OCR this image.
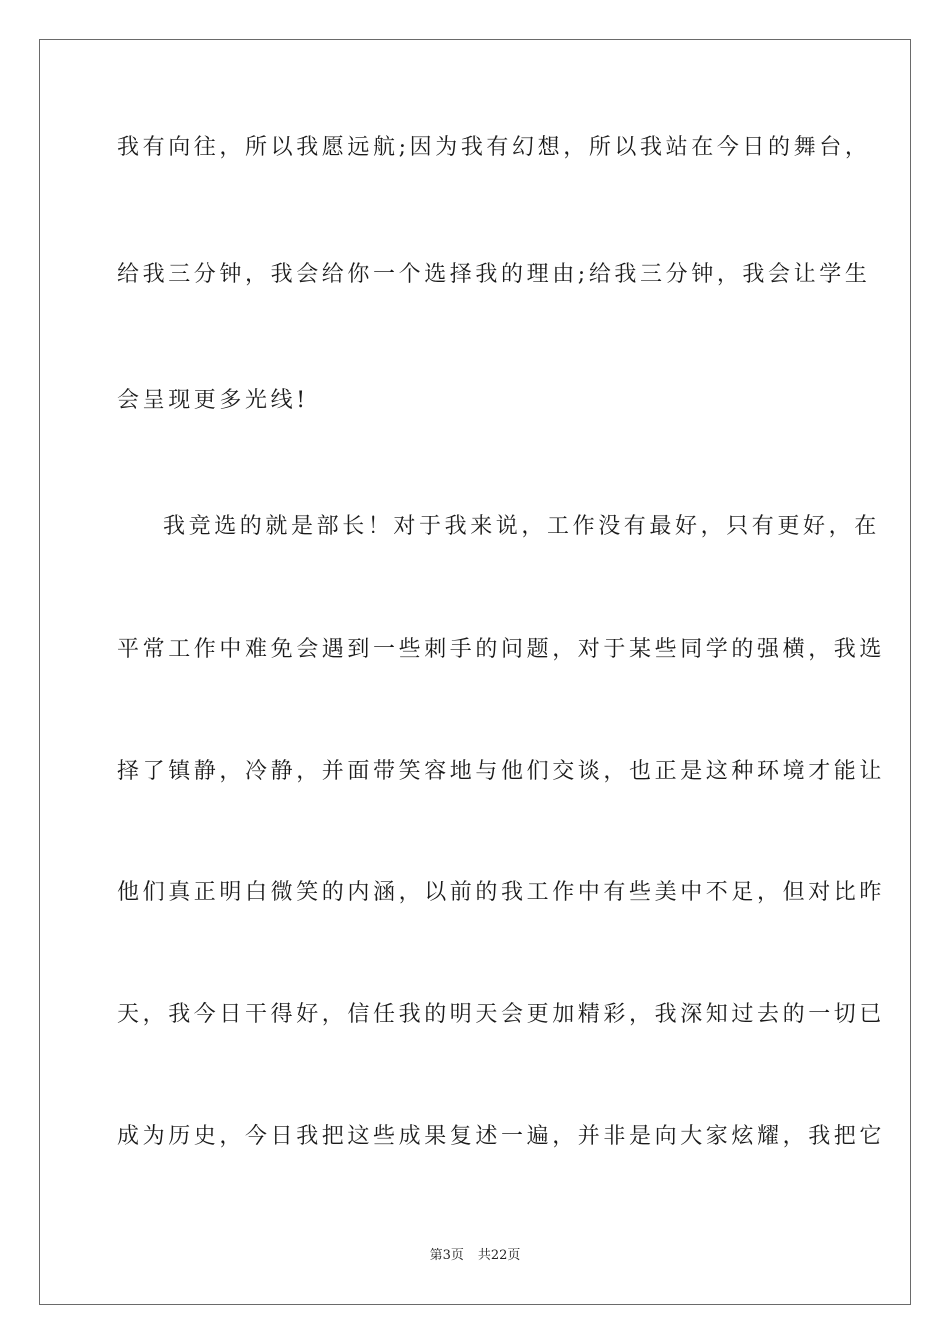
我有向往，所以我愿远航;因为我有幻想，所以我站在今日的舞台，
给我三分钟，我会给你一个选择我的理由;给我三分钟，我会让学生
会呈现更多光线!
我竞选的就是部长！对于我来说，工作没有最好，只有更好，在
平常工作中难免会遇到一些刺手的问题，对于某些同学的强横，我选
择了镇静，冷静，并面带笑容地与他们交谈，也正是这种环境才能让
他们真正明白微笑的内涵，以前的我工作中有些美中不足，但对比昨
天，我今日干得好，信任我的明天会更加精彩，我深知过去的一切已
成为历史，今日我把这些成果复述一遍，并非是向大家炫耀，我把它
第3页 共22页
